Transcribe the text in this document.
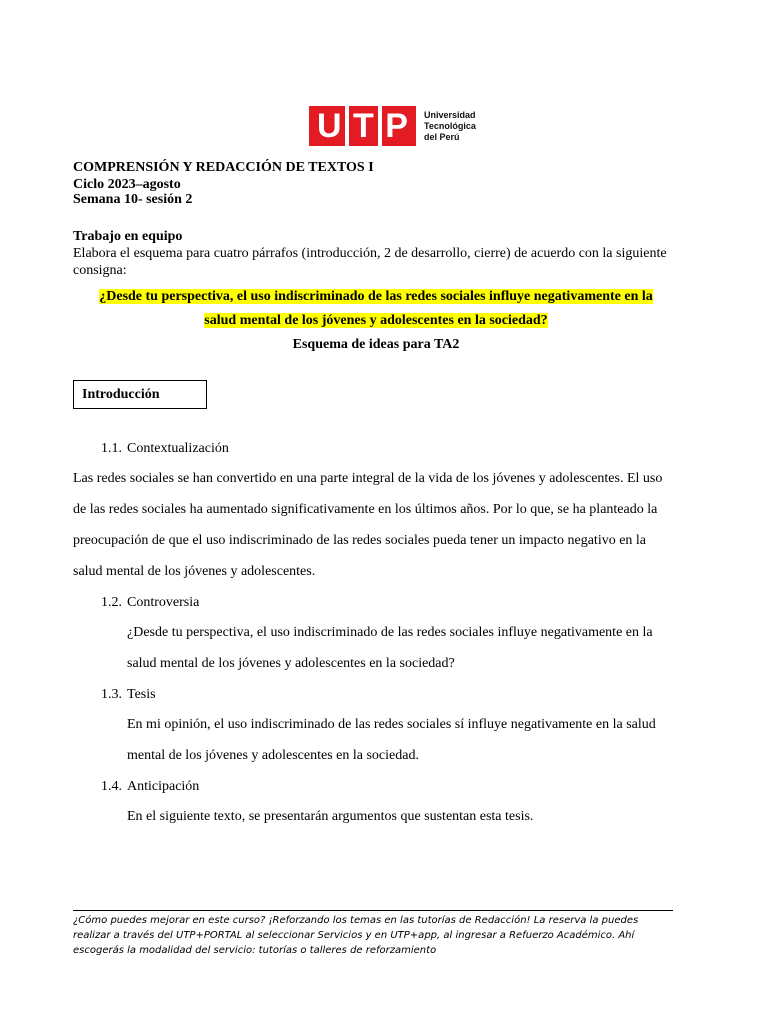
U T P Universidad
Tecnológica
del Perú
COMPRENSIÓN Y REDACCIÓN DE TEXTOS I
Ciclo 2023–agosto
Semana 10- sesión 2
Trabajo en equipo
Elabora el esquema para cuatro párrafos (introducción, 2 de desarrollo, cierre) de acuerdo con la siguiente
consigna:
¿Desde tu perspectiva, el uso indiscriminado de las redes sociales influye negativamente en la
salud mental de los jóvenes y adolescentes en la sociedad?
Esquema de ideas para TA2
Introducción
1.1. Contextualización
Las redes sociales se han convertido en una parte integral de la vida de los jóvenes y adolescentes. El uso
de las redes sociales ha aumentado significativamente en los últimos años. Por lo que, se ha planteado la
preocupación de que el uso indiscriminado de las redes sociales pueda tener un impacto negativo en la
salud mental de los jóvenes y adolescentes.
1.2. Controversia
¿Desde tu perspectiva, el uso indiscriminado de las redes sociales influye negativamente en la
salud mental de los jóvenes y adolescentes en la sociedad?
1.3. Tesis
En mi opinión, el uso indiscriminado de las redes sociales sí influye negativamente en la salud
mental de los jóvenes y adolescentes en la sociedad.
1.4. Anticipación
En el siguiente texto, se presentarán argumentos que sustentan esta tesis.
¿Cómo puedes mejorar en este curso? ¡Reforzando los temas en las tutorías de Redacción! La reserva la puedes
realizar a través del UTP+PORTAL al seleccionar Servicios y en UTP+app, al ingresar a Refuerzo Académico. Ahí
escogerás la modalidad del servicio: tutorías o talleres de reforzamiento
